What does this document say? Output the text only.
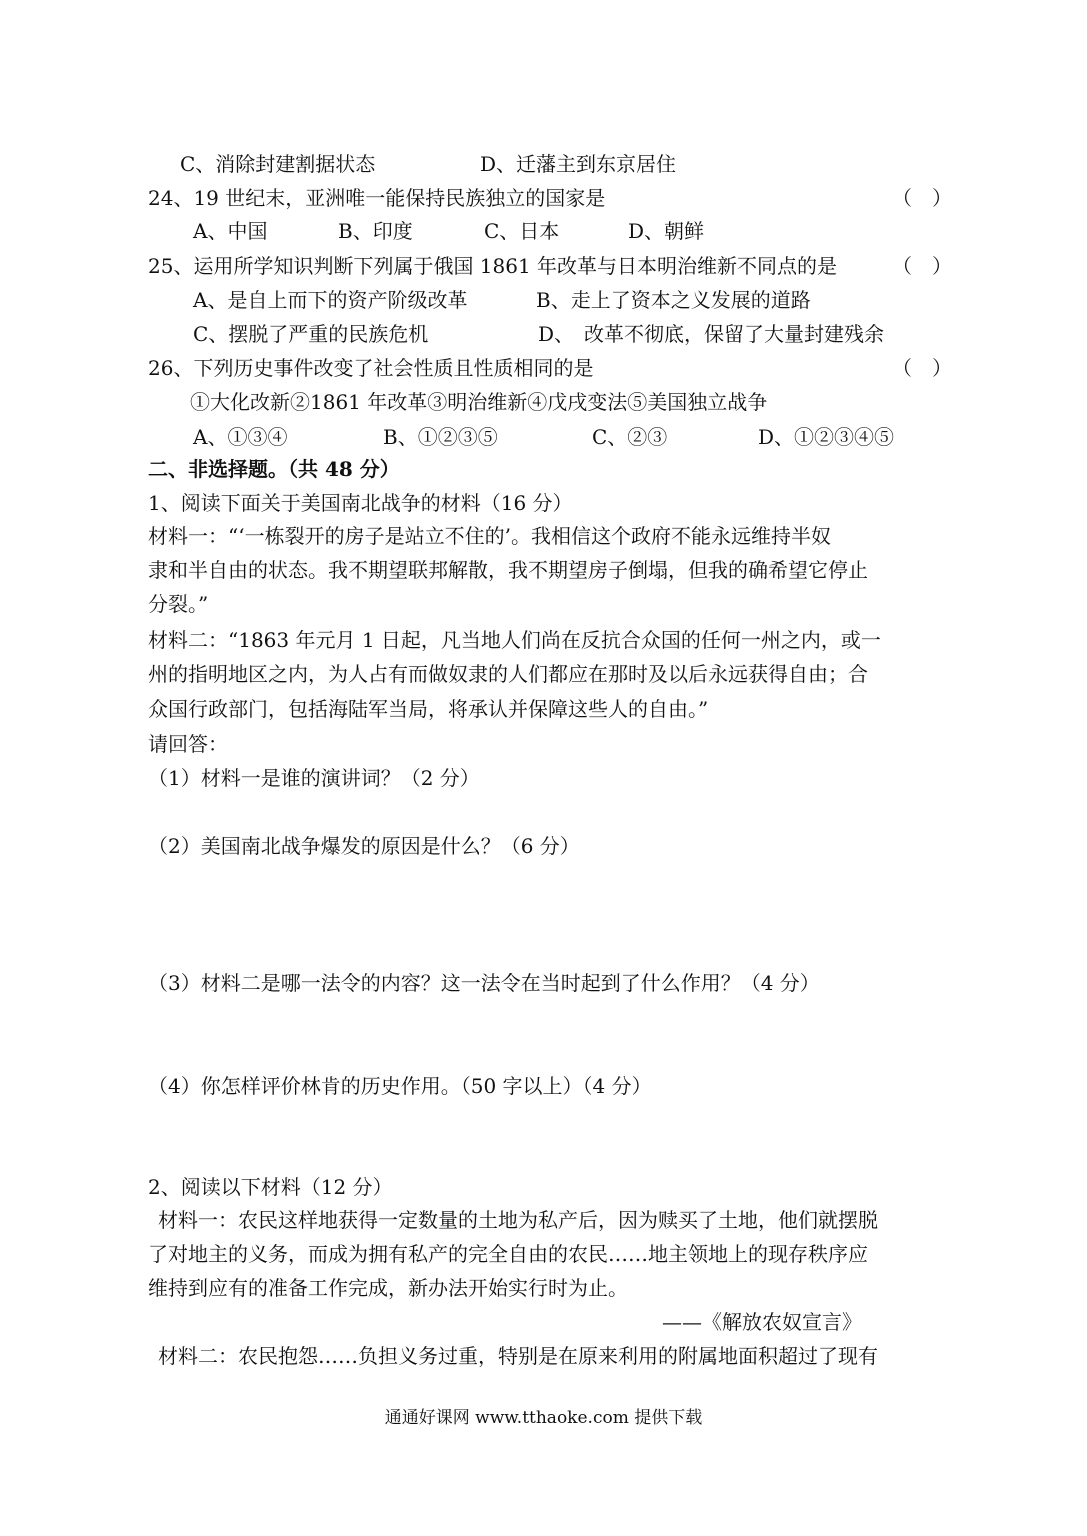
C、消除封建割据状态	D、迁藩主到东京居住
24、19 世纪末，亚洲唯一能保持民族独立的国家是	（　）
A、中国	B、印度	C、日本	D、朝鲜
25、运用所学知识判断下列属于俄国 1861 年改革与日本明治维新不同点的是	（　）
A、是自上而下的资产阶级改革	B、走上了资本之义发展的道路
C、摆脱了严重的民族危机	D、　改革不彻底，保留了大量封建残余
26、下列历史事件改变了社会性质且性质相同的是	（　）
①大化改新②1861 年改革③明治维新④戊戌变法⑤美国独立战争
A、①③④	B、①②③⑤	C、②③	D、①②③④⑤
二、非选择题。（共 48 分）
1、阅读下面关于美国南北战争的材料（16 分）
材料一：“‘一栋裂开的房子是站立不住的’。我相信这个政府不能永远维持半奴
隶和半自由的状态。我不期望联邦解散，我不期望房子倒塌，但我的确希望它停止
分裂。”
材料二：“1863 年元月 1 日起，凡当地人们尚在反抗合众国的任何一州之内，或一
州的指明地区之内，为人占有而做奴隶的人们都应在那时及以后永远获得自由；合
众国行政部门，包括海陆军当局，将承认并保障这些人的自由。”
请回答：
（1）材料一是谁的演讲词？（2 分）
（2）美国南北战争爆发的原因是什么？（6 分）
（3）材料二是哪一法令的内容？这一法令在当时起到了什么作用？（4 分）
（4）你怎样评价林肯的历史作用。（50 字以上）（4 分）
2、阅读以下材料（12 分）
材料一：农民这样地获得一定数量的土地为私产后，因为赎买了土地，他们就摆脱
了对地主的义务，而成为拥有私产的完全自由的农民……地主领地上的现存秩序应
维持到应有的准备工作完成，新办法开始实行时为止。
——《解放农奴宣言》
材料二：农民抱怨……负担义务过重，特别是在原来利用的附属地面积超过了现有
通通好课网 www.tthaoke.com 提供下载
